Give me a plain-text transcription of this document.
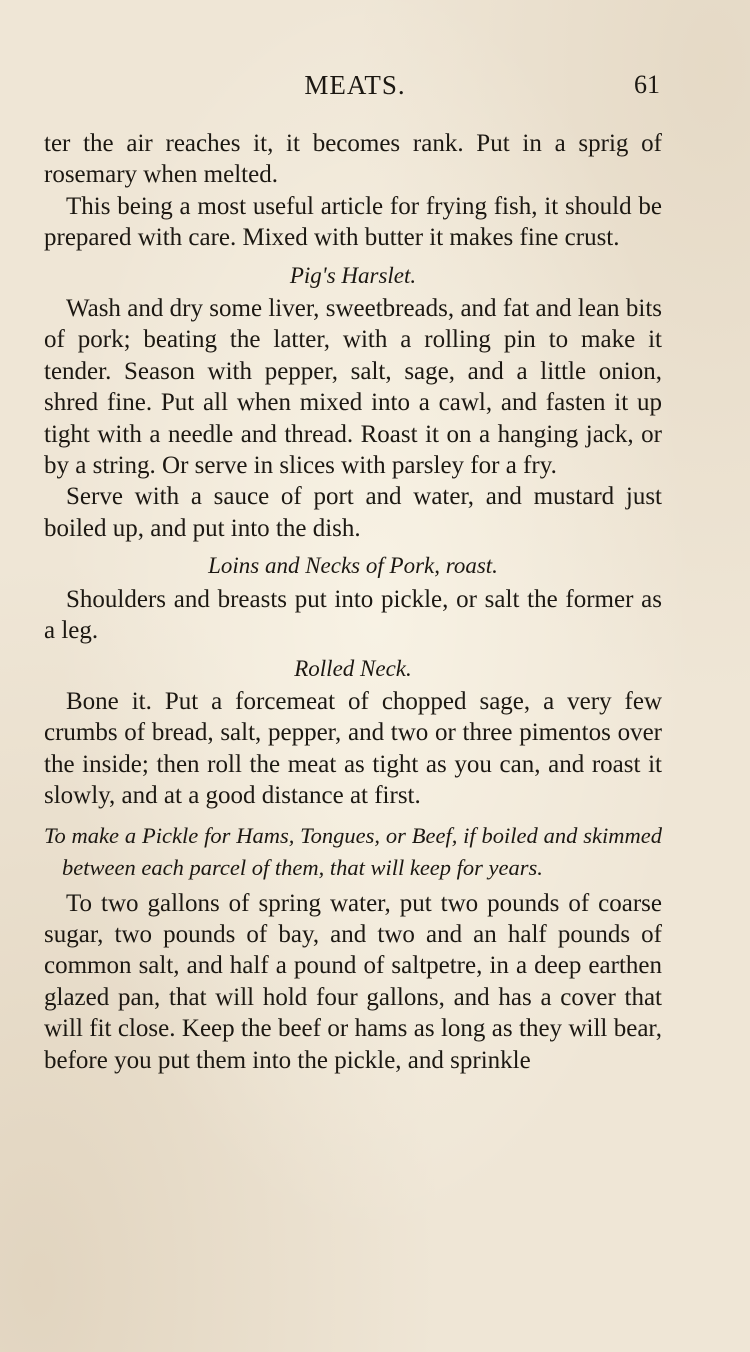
MEATS.	61

ter the air reaches it, it becomes rank. Put in a sprig of rosemary when melted.

This being a most useful article for frying fish, it should be prepared with care. Mixed with butter it makes fine crust.

Pig's Harslet.

Wash and dry some liver, sweetbreads, and fat and lean bits of pork; beating the latter, with a rolling pin to make it tender. Season with pepper, salt, sage, and a little onion, shred fine. Put all when mixed into a cawl, and fasten it up tight with a needle and thread. Roast it on a hanging jack, or by a string. Or serve in slices with parsley for a fry.

Serve with a sauce of port and water, and mustard just boiled up, and put into the dish.

Loins and Necks of Pork, roast.

Shoulders and breasts put into pickle, or salt the former as a leg.

Rolled Neck.

Bone it. Put a forcemeat of chopped sage, a very few crumbs of bread, salt, pepper, and two or three pimentos over the inside; then roll the meat as tight as you can, and roast it slowly, and at a good distance at first.

To make a Pickle for Hams, Tongues, or Beef, if boiled and skimmed between each parcel of them, that will keep for years.

To two gallons of spring water, put two pounds of coarse sugar, two pounds of bay, and two and an half pounds of common salt, and half a pound of saltpetre, in a deep earthen glazed pan, that will hold four gallons, and has a cover that will fit close. Keep the beef or hams as long as they will bear, before you put them into the pickle, and sprinkle
